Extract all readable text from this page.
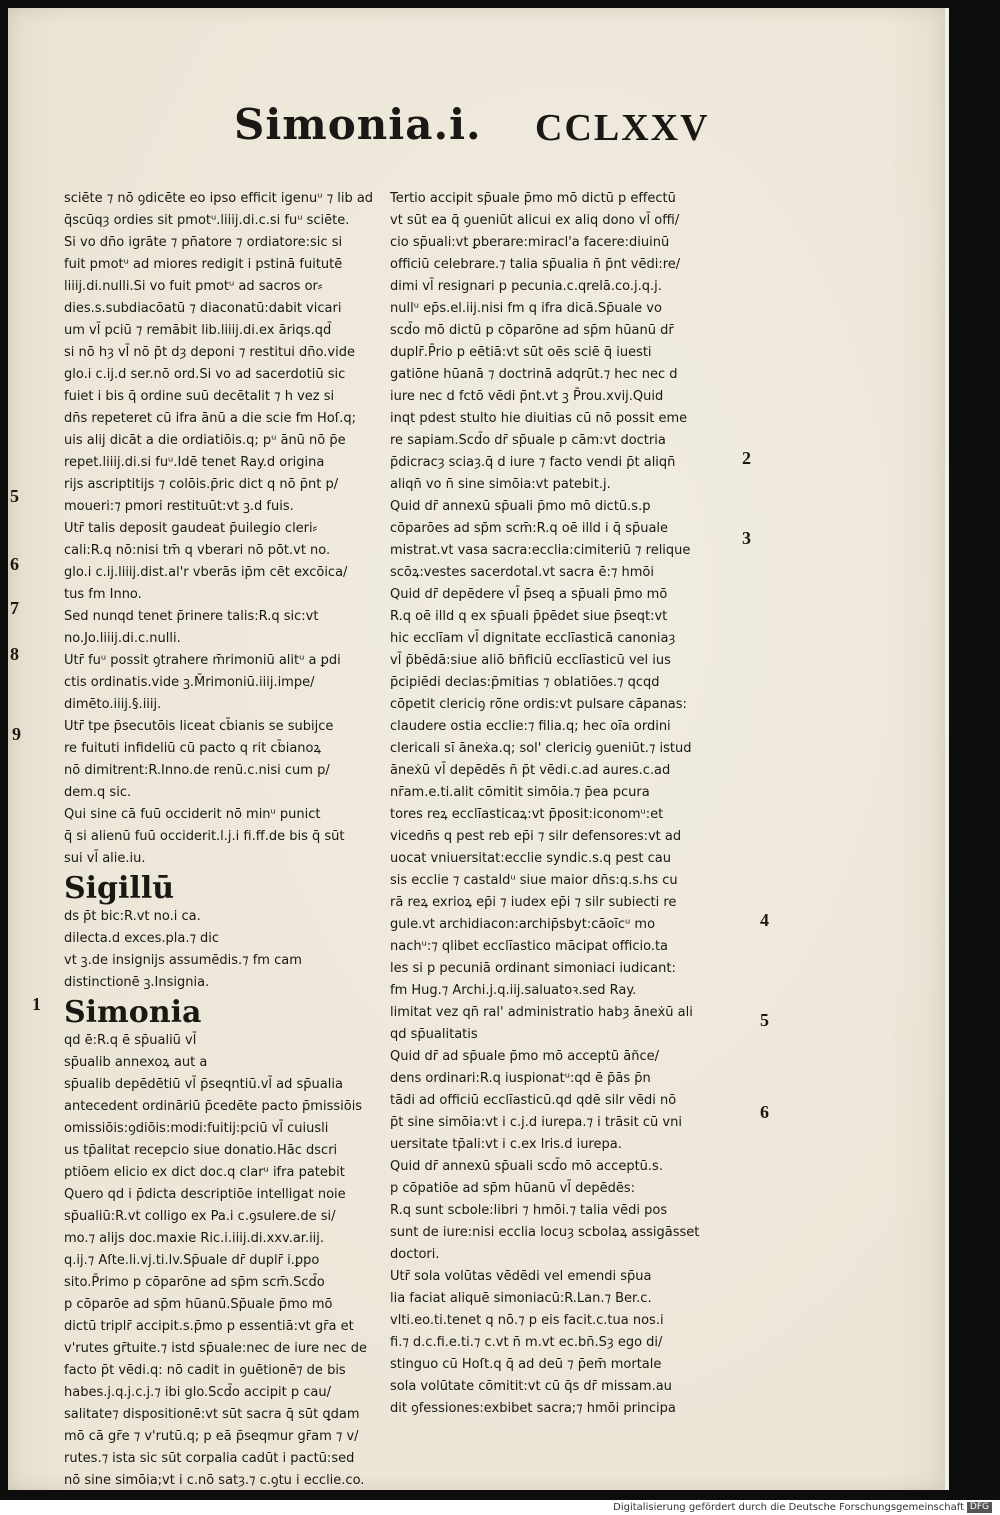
Simonia.i. CCLXXV
sciēte ⁊ nō ꝯdicēte eo ipso efficit igenuᵘ ⁊ lib ad
q̄scūqȝ ordies sit pmotᵘ.liiij.di.c.si fuᵘ sciēte.
Si vo dn̄o igrāte ⁊ pn̄atore ⁊ ordiatore:sic si
fuit pmotᵘ ad miores redigit i pstinā fuitutē
liiij.di.nulli.Si vo fuit pmotᵘ ad sacros or⸗
dies.s.subdiacōatū ⁊ diaconatū:dabit vicari
um vl̄ pciū ⁊ remābit lib.liiij.di.ex āriqs.qd̄
si nō hȝ vl̄ nō p̄t dȝ deponi ⁊ restitui dn̄o.vide
glo.i c.ij.d ser.nō ord.Si vo ad sacerdotiū sic
fuiet i bis q̄ ordine suū decētalit ⁊ h vez si
dn̄s repeteret cū ifra ānū a die scie fm Hoſ.q;
uis alij dicāt a die ordiatiōis.q; pᵘ ānū nō p̄e
repet.liiij.di.si fuᵘ.Idē tenet Ray.d origina
rijs ascriptitijs ⁊ colōis.p̄ric dict q nō p̄nt p/
moueri:⁊ pmori restituūt:vt ꝫ.d fuis.
Utr̄ talis deposit gaudeat p̄uilegio cleri⸗
cali:R.q nō:nisi tm̄ q vberari nō pōt.vt no.
glo.i c.ij.liiij.dist.al'r vberās ip̄m cēt excōica/
tus fm Inno.
Sed nunqd tenet p̄rinere talis:R.q sic:vt
no.Jo.liiij.di.c.nulli.
Utr̄ fuᵘ possit ꝯtrahere m̄rimoniū alitᵘ a ꝑdi
ctis ordinatis.vide ꝫ.M̄rimoniū.iiij.impe/
dimēto.iiij.§.iiij.
Utr̄ tpe p̄secutōis liceat cb̄ianis se subijce
re fuituti infideliū cū pacto q rit cb̄ianoꝝ
nō dimitrent:R.Inno.de renū.c.nisi cum p/
dem.q sic.
Qui sine cā fuū occiderit nō minᵘ punict
q̄ si alienū fuū occiderit.l.j.i fi.ff.de bis q̄ sūt
sui vl̄ alie.iu.
Sigillū
ds p̄t bic:R.vt no.i ca.
dilecta.d exces.pla.⁊ dic
vt ꝫ.de insignijs assumēdis.⁊ fm cam
distinctionē ꝫ.Insignia.
Simonia
qd ē:R.q ē sp̄ualiū vl̄
sp̄ualib annexoꝝ aut a
sp̄ualib depēdētiū vl̄ p̄seqntiū.vl̄ ad sp̄ualia
antecedent ordināriū p̄cedēte pacto p̄missiōis
omissiōis:ꝯdiōis:modi:fuitij:pciū vl̄ cuiusli
us tp̄alitat recepcio siue donatio.Hāc dscri
ptiōem elicio ex dict doc.q clarᵘ ifra patebit
Quero qd i p̄dicta descriptiōe intelligat noie
sp̄ualiū:R.vt colligo ex Pa.i c.ꝯsulere.de si/
mo.⁊ alijs doc.maxie Ric.i.iiij.di.xxv.ar.iij.
q.ij.⁊ Aſte.li.vj.ti.lv.Sp̄uale dr̄ duplr̄ i.ꝑpo
sito.P̄rimo p cōparōne ad sp̄m scm̄.Scd̄o
p cōparōe ad sp̄m hūanū.Sp̄uale p̄mo mō
dictū triplr̄ accipit.s.p̄mo p essentiā:vt gr̄a et
v'rutes gr̄tuite.⁊ istd sp̄uale:nec de iure nec de
facto p̄t vēdi.q: nō cadit in ꝯuētionē⁊ de bis
habes.j.q.j.c.j.⁊ ibi glo.Scd̄o accipit p cau/
salitate⁊ dispositionē:vt sūt sacra q̄ sūt ꝗdam
mō cā gr̄e ⁊ v'rutū.q; p eā p̄seqmur gr̄am ⁊ v/
rutes.⁊ ista sic sūt corpalia cadūt i pactū:sed
nō sine simōia;vt i c.nō satȝ.⁊ c.ꝯtu i ecclie.co.
Tertio accipit sp̄uale p̄mo mō dictū p effectū
vt sūt ea q̄ ꝯueniūt alicui ex aliq dono vl̄ offi/
cio sp̄uali:vt ꝑberare:miracl'a facere:diuinū
officiū celebrare.⁊ talia sp̄ualia n̄ p̄nt vēdi:re/
dimi vl̄ resignari p pecunia.c.qrelā.co.j.q.j.
nullᵘ ep̄s.el.iij.nisi fm q ifra dicā.Sp̄uale vo
scd̄o mō dictū p cōparōne ad sp̄m hūanū dr̄
duplr̄.P̄rio p eētiā:vt sūt oēs sciē q̄ iuesti
gatiōne hūanā ⁊ doctrinā adqrūt.⁊ hec nec d
iure nec d fctō vēdi p̄nt.vt ꝫ P̄rou.xvij.Quid
inqt pdest stulto hie diuitias cū nō possit eme
re sapiam.Scd̄o dr̄ sp̄uale p cām:vt doctria
p̄dicracȝ sciaȝ.q̄ d iure ⁊ facto vendi p̄t aliqn̄
aliqn̄ vo n̄ sine simōia:vt patebit.j.
Quid dr̄ annexū sp̄uali p̄mo mō dictū.s.p
cōparōes ad sp̄m scm̄:R.q oē illd i q̄ sp̄uale
mistrat.vt vasa sacra:ecclia:cimiteriū ⁊ relique
scōꝝ:vestes sacerdotal.vt sacra ē:⁊ hmōi
Quid dr̄ depēdere vl̄ p̄seq a sp̄uali p̄mo mō
R.q oē illd q ex sp̄uali p̄pēdet siue p̄seqt:vt
hic ecclīam vl̄ dignitate ecclīasticā canoniaȝ
vl̄ p̄bēdā:siue aliō bn̄ficiū ecclīasticū vel ius
p̄cipiēdi decias:p̄mitias ⁊ oblatiōes.⁊ qcqd
cōpetit clericiꝯ rōne ordis:vt pulsare cāpanas:
claudere ostia ecclie:⁊ filia.q; hec oīa ordini
clericali sī āneẋa.q; sol' clericiꝯ ꝯueniūt.⁊ istud
āneẋū vl̄ depēdēs n̄ p̄t vēdi.c.ad aures.c.ad
nr̄am.e.ti.alit cōmitit simōia.⁊ p̄ea pcura
tores reꝝ ecclīasticaꝝ:vt p̄posit:iconomᵘ:et
vicedn̄s q pest reb ep̄i ⁊ silr defensores:vt ad
uocat vniuersitat:ecclie syndic.s.q pest cau
sis ecclie ⁊ castaldᵘ siue maior dn̄s:q.s.hs cu
rā reꝝ exrioꝝ ep̄i ⁊ iudex ep̄i ⁊ silr subiecti re
gule.vt archidiacon:archip̄sbyt:cāoīcᵘ mo
nachᵘ:⁊ qlibet ecclīastico mācipat officio.ta
les si p pecuniā ordinant simoniaci iudicant:
fm Hug.⁊ Archi.j.q.iij.saluatoꝛ.sed Ray.
limitat vez qn̄ ral' administratio habȝ āneẋū ali
qd sp̄ualitatis
Quid dr̄ ad sp̄uale p̄mo mō acceptū āñce/
dens ordinari:R.q iuspionatᵘ:qd ē p̄ās p̄n
tādi ad officiū ecclīasticū.qd qdē silr vēdi nō
p̄t sine simōia:vt i c.j.d iurepa.⁊ i trāsit cū vni
uersitate tp̄ali:vt i c.ex lris.d iurepa.
Quid dr̄ annexū sp̄uali scd̄o mō acceptū.s.
p cōpatiōe ad sp̄m hūanū vl̄ depēdēs:
R.q sunt scbole:libri ⁊ hmōi.⁊ talia vēdi pos
sunt de iure:nisi ecclia locuȝ scbolaꝝ assigāsset
doctori.
Utr̄ sola volūtas vēdēdi vel emendi sp̄ua
lia faciat aliquē simoniacū:R.Lan.⁊ Ber.c.
vlti.eo.ti.tenet q nō.⁊ p eis facit.c.tua nos.i
fi.⁊ d.c.fi.e.ti.⁊ c.vt n̄ m.vt ec.bn̄.Sȝ ego di/
stinguo cū Hoſt.q q̄ ad deū ⁊ p̄em̄ mortale
sola volūtate cōmitit:vt cū q̄s dr̄ missam.au
dit ꝯfessiones:exbibet sacra;⁊ hmōi principa
5
6
7
8
9
1
2
3
4
5
6
Digitalisierung gefördert durch die Deutsche Forschungsgemeinschaft DFG
